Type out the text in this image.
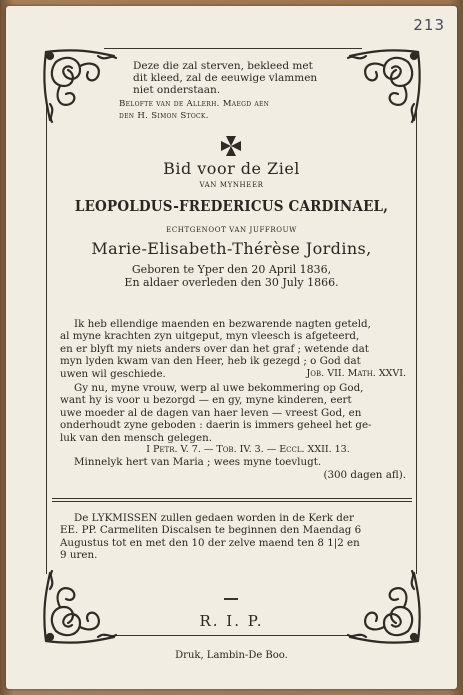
213
Deze die zal sterven, bekleed met
dit kleed, zal de eeuwige vlammen
niet onderstaan.
Belofte van de Allerh. Maegd aen
den H. Simon Stock.
Bid voor de Ziel
VAN MYNHEER
LEOPOLDUS-FREDERICUS CARDINAEL,
ECHTGENOOT VAN JUFFROUW
Marie-Elisabeth-Thérèse Jordins,
Geboren te Yper den 20 April 1836,
En aldaer overleden den 30 July 1866.

Ik heb ellendige maenden en bezwarende nagten geteld,

al myne krachten zyn uitgeput, myn vleesch is afgeteerd,

en er blyft my niets anders over dan het graf ; wetende dat

myn lyden kwam van den Heer, heb ik gezegd ; o God dat

uwen wil geschiede.	Job. VII. Math. XXVI.

Gy nu, myne vrouw, werp al uwe bekommering op God,

want hy is voor u bezorgd — en gy, myne kinderen, eert

uwe moeder al de dagen van haer leven — vreest God, en

onderhoudt zyne geboden : daerin is immers geheel het ge-

luk van den mensch gelegen.

I Petr. V. 7. — Tob. IV. 3. — Eccl. XXII. 13.

Minnelyk hert van Maria ; wees myne toevlugt.

(300 dagen afl).

De LYKMISSEN zullen gedaen worden in de Kerk der

EE. PP. Carmeliten Discalsen te beginnen den Maendag 6

Augustus tot en met den 10 der zelve maend ten 8 1|2 en

9 uren.

R. I. P.
Druk, Lambin-De Boo.
